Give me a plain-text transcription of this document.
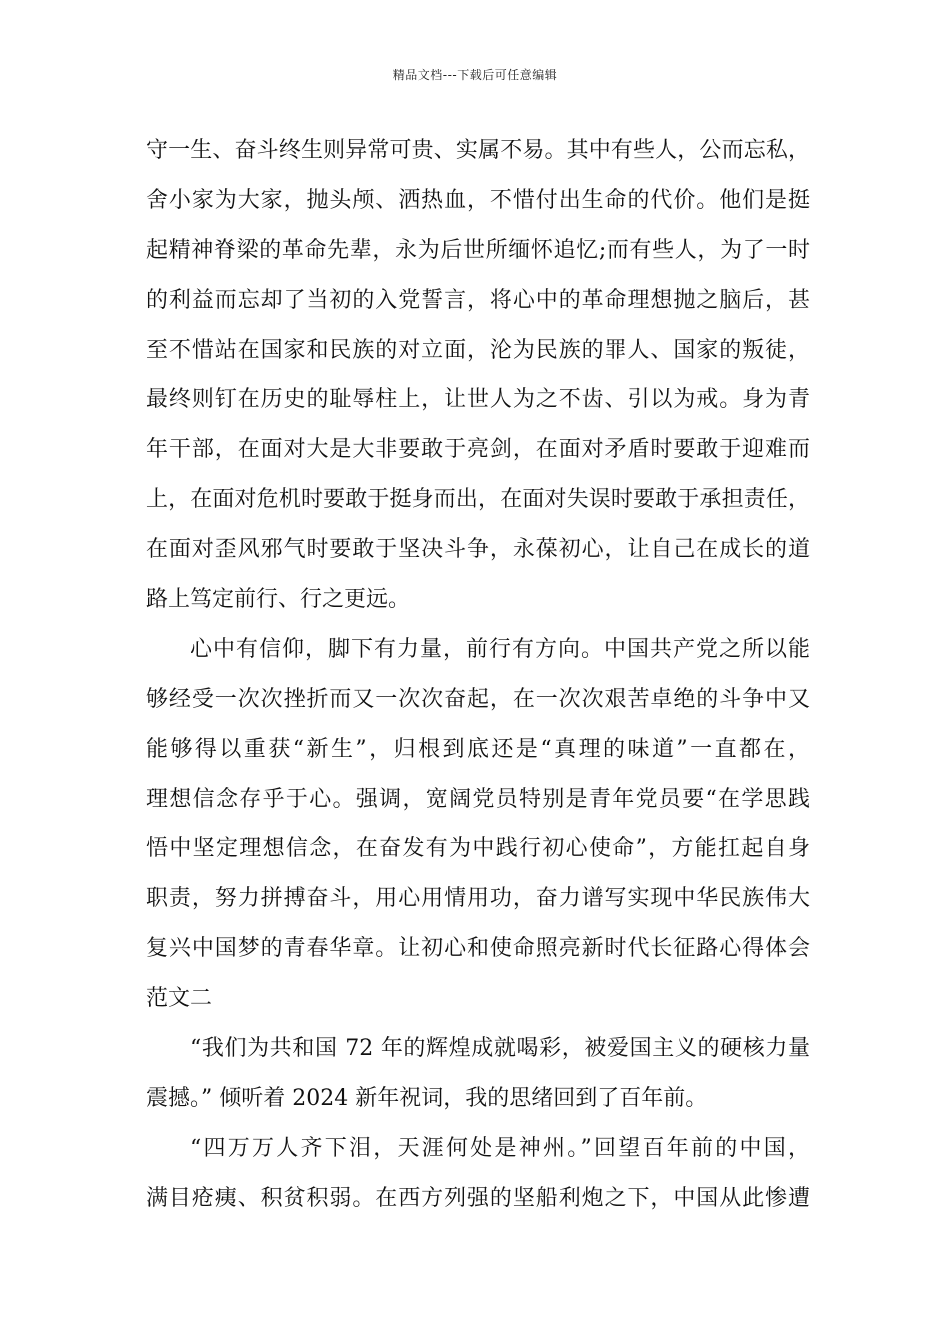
精品文档---下载后可任意编辑
守一生、奋斗终生则异常可贵、实属不易。其中有些人，公而忘私，
舍小家为大家，抛头颅、洒热血，不惜付出生命的代价。他们是挺
起精神脊梁的革命先辈，永为后世所缅怀追忆;而有些人，为了一时
的利益而忘却了当初的入党誓言，将心中的革命理想抛之脑后，甚
至不惜站在国家和民族的对立面，沦为民族的罪人、国家的叛徒，
最终则钉在历史的耻辱柱上，让世人为之不齿、引以为戒。身为青
年干部，在面对大是大非要敢于亮剑，在面对矛盾时要敢于迎难而
上，在面对危机时要敢于挺身而出，在面对失误时要敢于承担责任，
在面对歪风邪气时要敢于坚决斗争，永葆初心，让自己在成长的道
路上笃定前行、行之更远。
心中有信仰，脚下有力量，前行有方向。中国共产党之所以能
够经受一次次挫折而又一次次奋起，在一次次艰苦卓绝的斗争中又
能够得以重获“新生”，归根到底还是“真理的味道”一直都在，
理想信念存乎于心。强调，宽阔党员特别是青年党员要“在学思践
悟中坚定理想信念，在奋发有为中践行初心使命”，方能扛起自身
职责，努力拼搏奋斗，用心用情用功，奋力谱写实现中华民族伟大
复兴中国梦的青春华章。让初心和使命照亮新时代长征路心得体会
范文二
“我们为共和国 72 年的辉煌成就喝彩，被爱国主义的硬核力量
震撼。” 倾听着 2024 新年祝词，我的思绪回到了百年前。
“四万万人齐下泪，天涯何处是神州。”回望百年前的中国，
满目疮痍、积贫积弱。在西方列强的坚船利炮之下，中国从此惨遭
